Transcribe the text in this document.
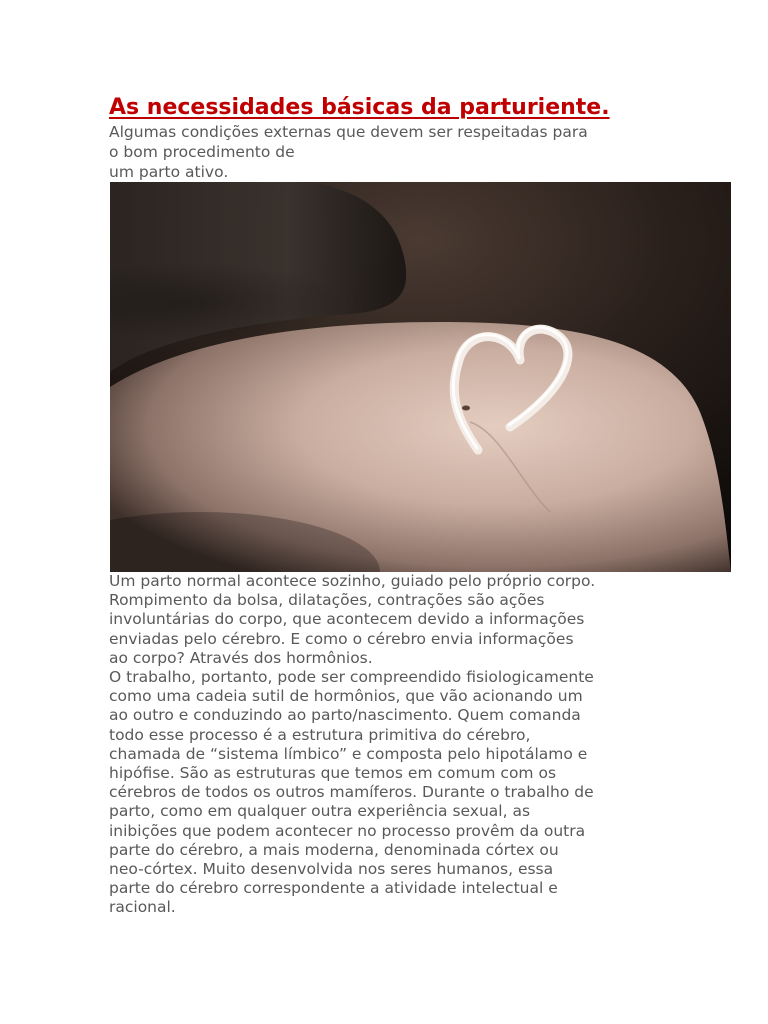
As necessidades básicas da parturiente.

Algumas condições externas que devem ser respeitadas para
o bom procedimento de
um parto ativo.

Um parto normal acontece sozinho, guiado pelo próprio corpo.
Rompimento da bolsa, dilatações, contrações são ações
involuntárias do corpo, que acontecem devido a informações
enviadas pelo cérebro. E como o cérebro envia informações
ao corpo? Através dos hormônios.
O trabalho, portanto, pode ser compreendido fisiologicamente
como uma cadeia sutil de hormônios, que vão acionando um
ao outro e conduzindo ao parto/nascimento. Quem comanda
todo esse processo é a estrutura primitiva do cérebro,
chamada de “sistema límbico” e composta pelo hipotálamo e
hipófise. São as estruturas que temos em comum com os
cérebros de todos os outros mamíferos. Durante o trabalho de
parto, como em qualquer outra experiência sexual, as
inibições que podem acontecer no processo provêm da outra
parte do cérebro, a mais moderna, denominada córtex ou
neo-córtex. Muito desenvolvida nos seres humanos, essa
parte do cérebro correspondente a atividade intelectual e
racional.
